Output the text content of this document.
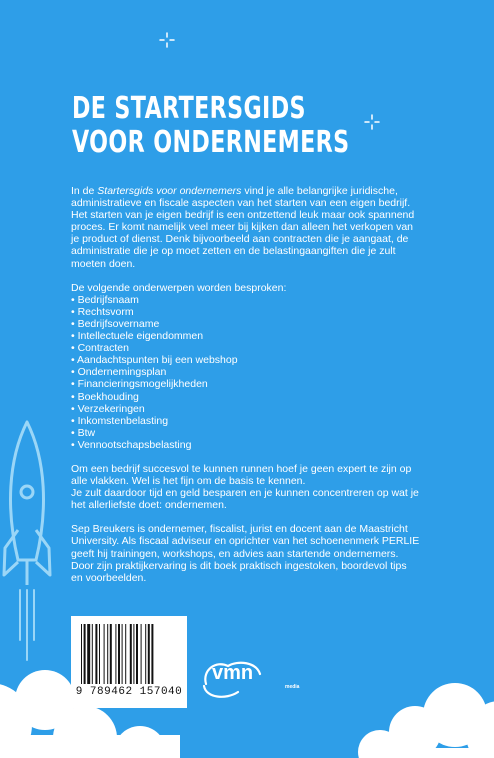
DE STARTERSGIDS
VOOR ONDERNEMERS

In de Startersgids voor ondernemers vind je alle belangrijke juridische, administratieve en fiscale aspecten van het starten van een eigen bedrijf.

Het starten van je eigen bedrijf is een ontzettend leuk maar ook spannend proces. Er komt namelijk veel meer bij kijken dan alleen het verkopen van je product of dienst. Denk bijvoorbeeld aan contracten die je aangaat, de administratie die je op moet zetten en de belastingaangiften die je zult moeten doen.

De volgende onderwerpen worden besproken:

• Bedrijfsnaam
• Rechtsvorm
• Bedrijfsovername
• Intellectuele eigendommen
• Contracten
• Aandachtspunten bij een webshop
• Ondernemingsplan
• Financieringsmogelijkheden
• Boekhouding
• Verzekeringen
• Inkomstenbelasting
• Btw
• Vennootschapsbelasting

Om een bedrijf succesvol te kunnen runnen hoef je geen expert te zijn op alle vlakken. Wel is het fijn om de basis te kennen.

Je zult daardoor tijd en geld besparen en je kunnen concentreren op wat je het allerliefste doet: ondernemen.

Sep Breukers is ondernemer, fiscalist, jurist en docent aan de Maastricht University. Als fiscaal adviseur en oprichter van het schoenenmerk PERLIE geeft hij trainingen, workshops, en advies aan startende ondernemers. Door zijn praktijkervaring is dit boek praktisch ingestoken, boordevol tips en voorbeelden.

9 789462 157040
vmn
media
